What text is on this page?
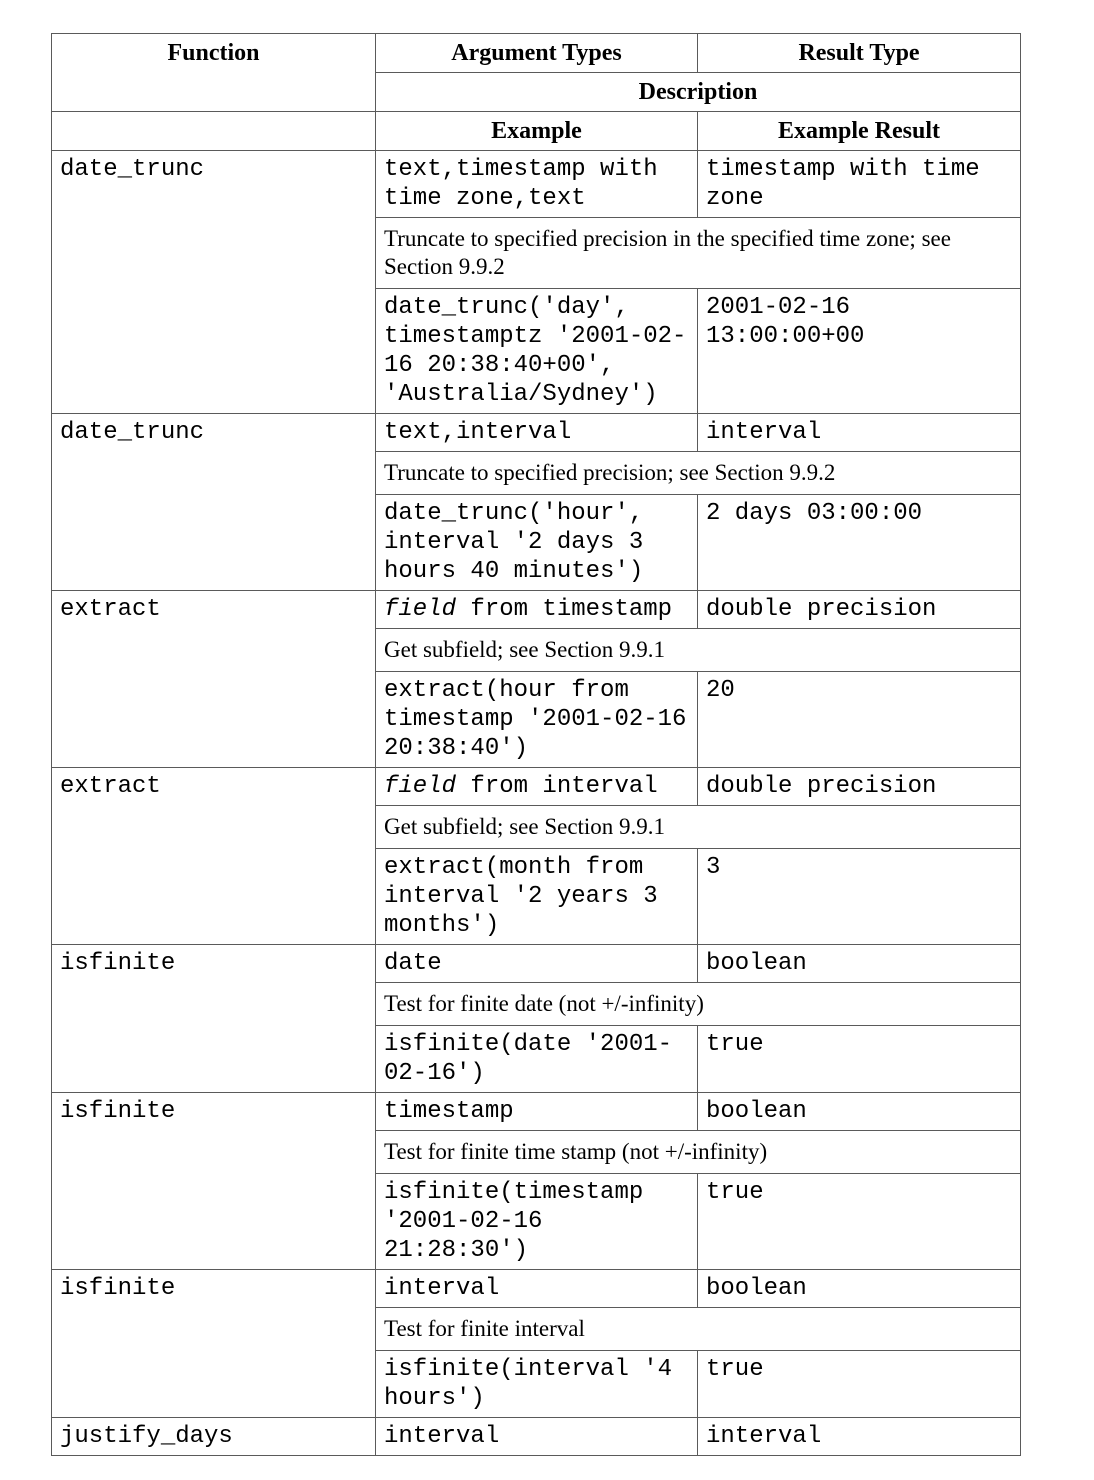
Function	Argument Types	Result Type
	Description	
	Example	Example Result
date_trunc	text,timestamp with time zone,text	timestamp with time zone
	Truncate to specified precision in the specified time zone; see Section 9.9.2	
	date_trunc('day', timestamptz '2001-02-16 20:38:40+00', 'Australia/Sydney')	2001-02-16 13:00:00+00
date_trunc	text,interval	interval
	Truncate to specified precision; see Section 9.9.2	
	date_trunc('hour', interval '2 days 3 hours 40 minutes')	2 days 03:00:00
extract	field from timestamp	double precision
	Get subfield; see Section 9.9.1	
	extract(hour from timestamp '2001-02-16 20:38:40')	20
extract	field from interval	double precision
	Get subfield; see Section 9.9.1	
	extract(month from interval '2 years 3 months')	3
isfinite	date	boolean
	Test for finite date (not +/-infinity)	
	isfinite(date '2001-02-16')	true
isfinite	timestamp	boolean
	Test for finite time stamp (not +/-infinity)	
	isfinite(timestamp '2001-02-16 21:28:30')	true
isfinite	interval	boolean
	Test for finite interval	
	isfinite(interval '4 hours')	true
justify_days	interval	interval
